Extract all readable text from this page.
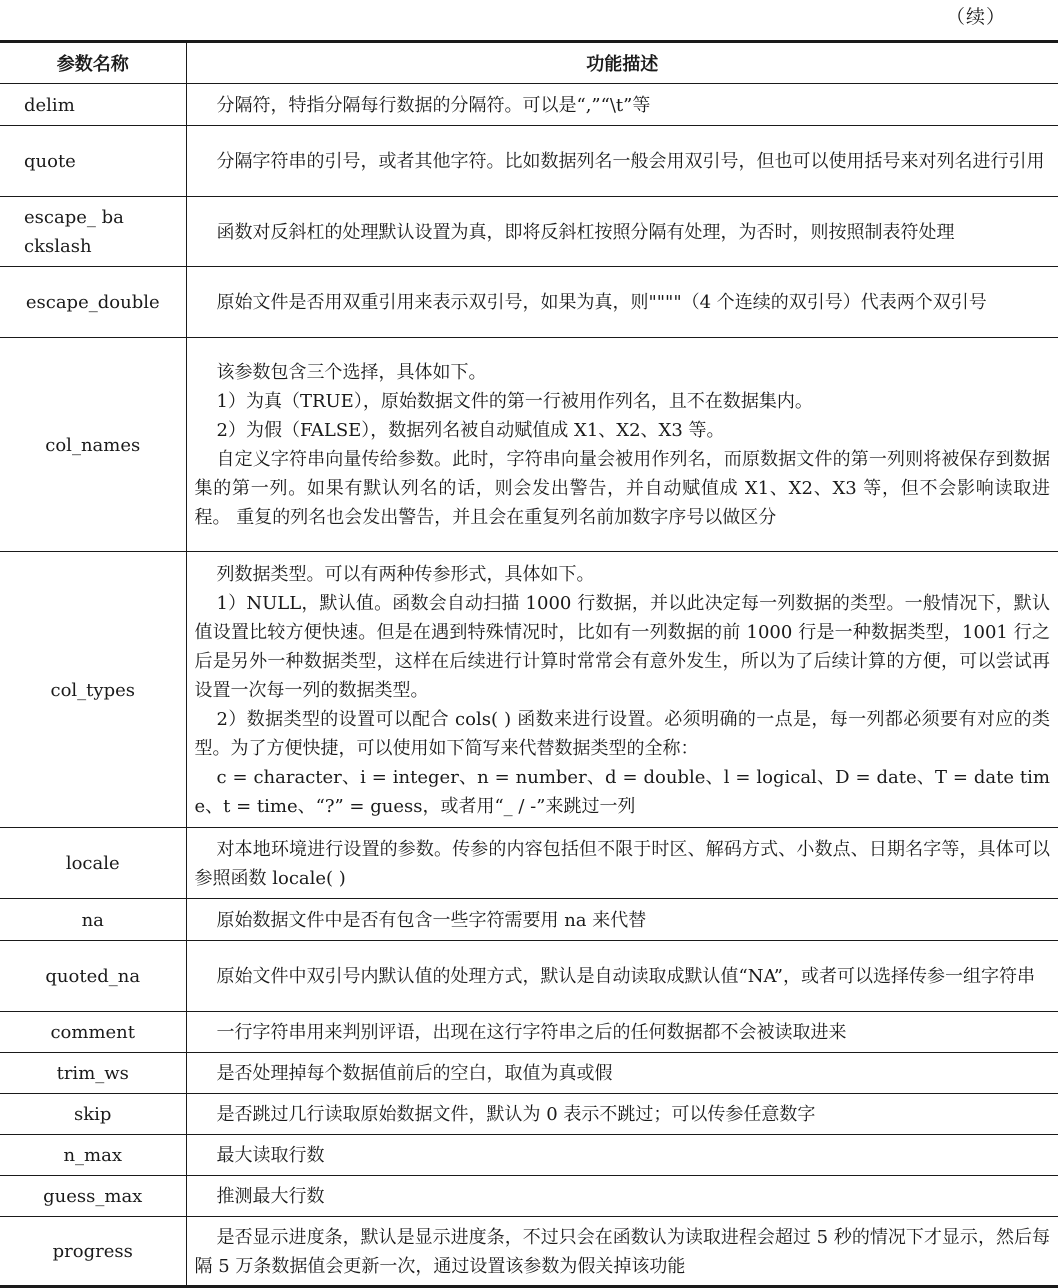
（续）
参数名称	功能描述
delim	分隔符，特指分隔每行数据的分隔符。可以是“,”“\t”等

quote	分隔字符串的引号，或者其他字符。比如数据列名一般会用双引号，但也可以使用括号来对列名进行引用

escape_ backslash	函数对反斜杠的处理默认设置为真，即将反斜杠按照分隔有处理，为否时，则按照制表符处理

escape_double	原始文件是否用双重引用来表示双引号，如果为真，则""""（4 个连续的双引号）代表两个双引号

col_names	该参数包含三个选择，具体如下。
1）为真（TRUE），原始数据文件的第一行被用作列名，且不在数据集内。
2）为假（FALSE），数据列名被自动赋值成 X1、X2、X3 等。
自定义字符串向量传给参数。此时，字符串向量会被用作列名，而原数据文件的第一列则将被保存到数据集的第一列。如果有默认列名的话，则会发出警告，并自动赋值成 X1、X2、X3 等，但不会影响读取进程。 重复的列名也会发出警告，并且会在重复列名前加数字序号以做区分

col_types	列数据类型。可以有两种传参形式，具体如下。
1）NULL，默认值。函数会自动扫描 1000 行数据，并以此决定每一列数据的类型。一般情况下，默认值设置比较方便快速。但是在遇到特殊情况时，比如有一列数据的前 1000 行是一种数据类型，1001 行之后是另外一种数据类型，这样在后续进行计算时常常会有意外发生，所以为了后续计算的方便，可以尝试再设置一次每一列的数据类型。
2）数据类型的设置可以配合 cols( ) 函数来进行设置。必须明确的一点是，每一列都必须要有对应的类型。为了方便快捷，可以使用如下简写来代替数据类型的全称：
c = character、i = integer、n = number、d = double、l = logical、D = date、T = date time、t = time、“?” = guess，或者用“_ / -”来跳过一列

locale	对本地环境进行设置的参数。传参的内容包括但不限于时区、解码方式、小数点、日期名字等，具体可以参照函数 locale( )

na	原始数据文件中是否有包含一些字符需要用 na 来代替

quoted_na	原始文件中双引号内默认值的处理方式，默认是自动读取成默认值“NA”，或者可以选择传参一组字符串

comment	一行字符串用来判别评语，出现在这行字符串之后的任何数据都不会被读取进来

trim_ws	是否处理掉每个数据值前后的空白，取值为真或假

skip	是否跳过几行读取原始数据文件，默认为 0 表示不跳过；可以传参任意数字

n_max	最大读取行数

guess_max	推测最大行数

progress	是否显示进度条，默认是显示进度条，不过只会在函数认为读取进程会超过 5 秒的情况下才显示，然后每隔 5 万条数据值会更新一次，通过设置该参数为假关掉该功能
